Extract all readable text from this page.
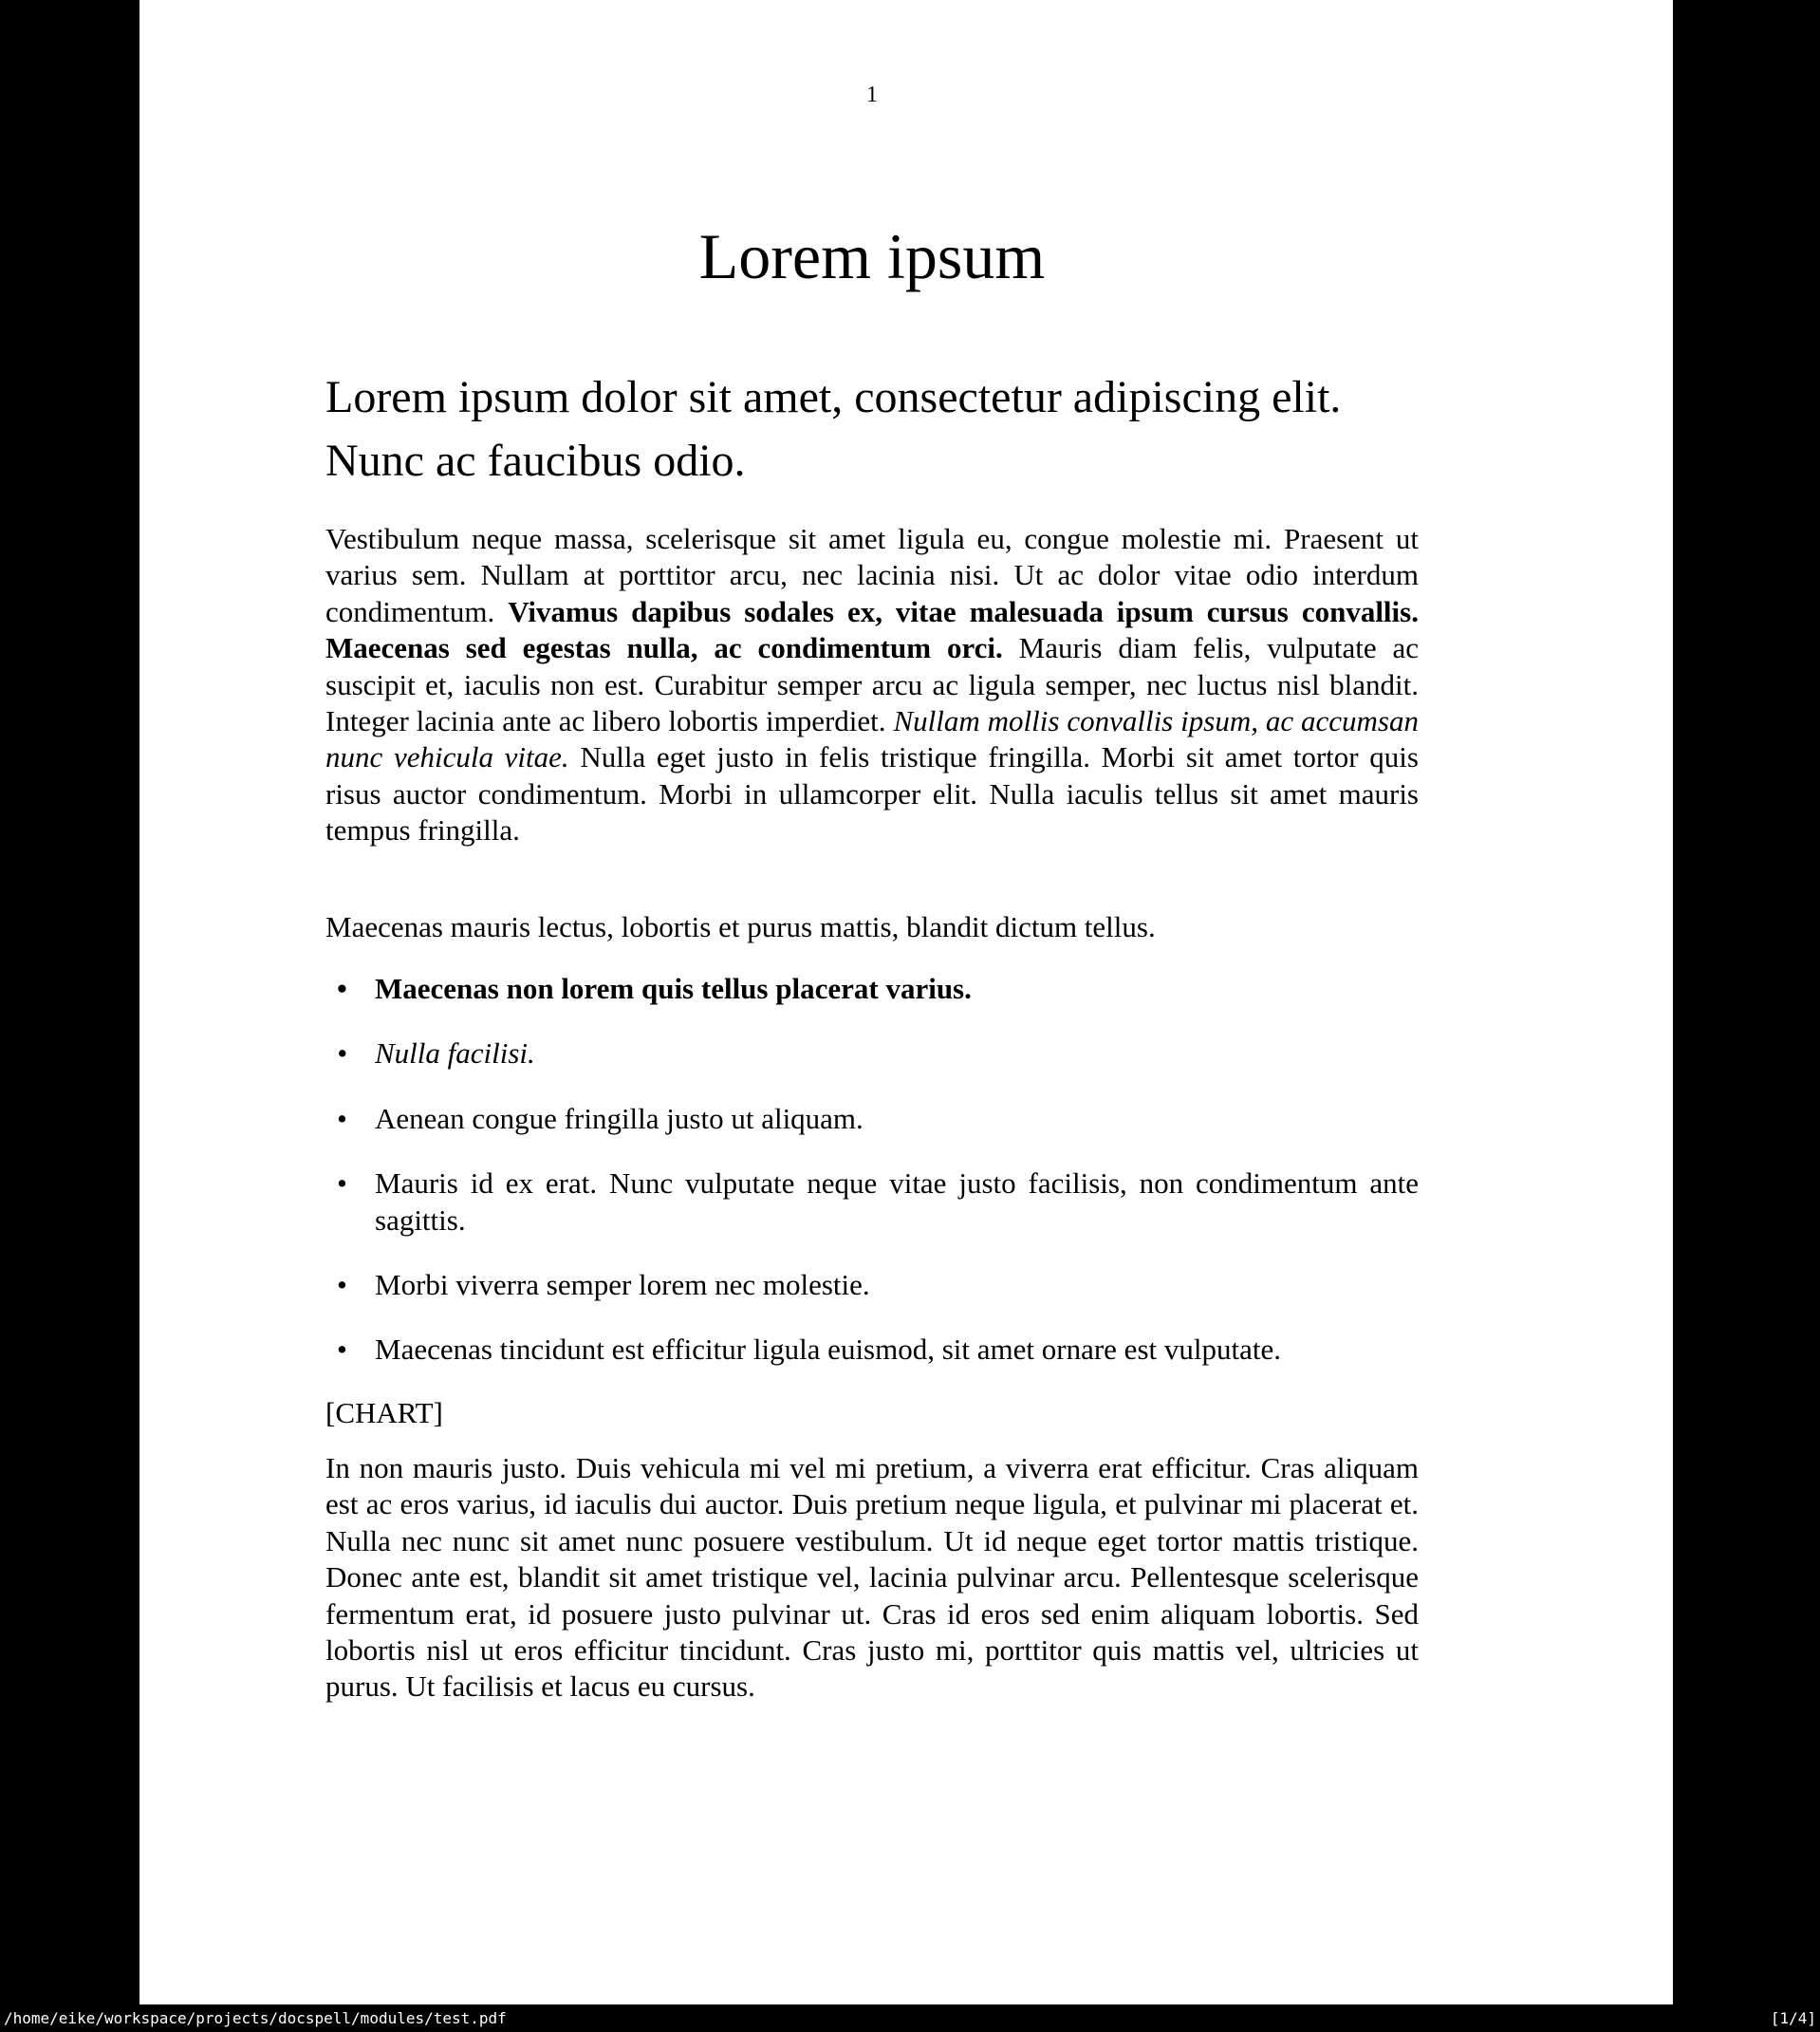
1
Lorem ipsum
Lorem ipsum dolor sit amet, consectetur adipiscing elit. Nunc ac faucibus odio.

Vestibulum neque massa, scelerisque sit amet ligula eu, congue molestie mi. Praesent ut varius sem. Nullam at porttitor arcu, nec lacinia nisi. Ut ac dolor vitae odio interdum condimentum. Vivamus dapibus sodales ex, vitae malesuada ipsum cursus convallis. Maecenas sed egestas nulla, ac condimentum orci. Mauris diam felis, vulputate ac suscipit et, iaculis non est. Curabitur semper arcu ac ligula semper, nec luctus nisl blandit. Integer lacinia ante ac libero lobortis imperdiet. Nullam mollis convallis ipsum, ac accumsan nunc vehicula vitae. Nulla eget justo in felis tristique fringilla. Morbi sit amet tortor quis risus auctor condimentum. Morbi in ullamcorper elit. Nulla iaculis tellus sit amet mauris tempus fringilla.

Maecenas mauris lectus, lobortis et purus mattis, blandit dictum tellus.

• Maecenas non lorem quis tellus placerat varius.
• Nulla facilisi.
• Aenean congue fringilla justo ut aliquam.
• Mauris id ex erat. Nunc vulputate neque vitae justo facilisis, non condimentum ante sagittis.
• Morbi viverra semper lorem nec molestie.
• Maecenas tincidunt est efficitur ligula euismod, sit amet ornare est vulputate.

[CHART]

In non mauris justo. Duis vehicula mi vel mi pretium, a viverra erat efficitur. Cras aliquam est ac eros varius, id iaculis dui auctor. Duis pretium neque ligula, et pulvinar mi placerat et. Nulla nec nunc sit amet nunc posuere vestibulum. Ut id neque eget tortor mattis tristique. Donec ante est, blandit sit amet tristique vel, lacinia pulvinar arcu. Pellentesque scelerisque fermentum erat, id posuere justo pulvinar ut. Cras id eros sed enim aliquam lobortis. Sed lobortis nisl ut eros efficitur tincidunt. Cras justo mi, porttitor quis mattis vel, ultricies ut purus. Ut facilisis et lacus eu cursus.

/home/eike/workspace/projects/docspell/modules/test.pdf	[1/4]
